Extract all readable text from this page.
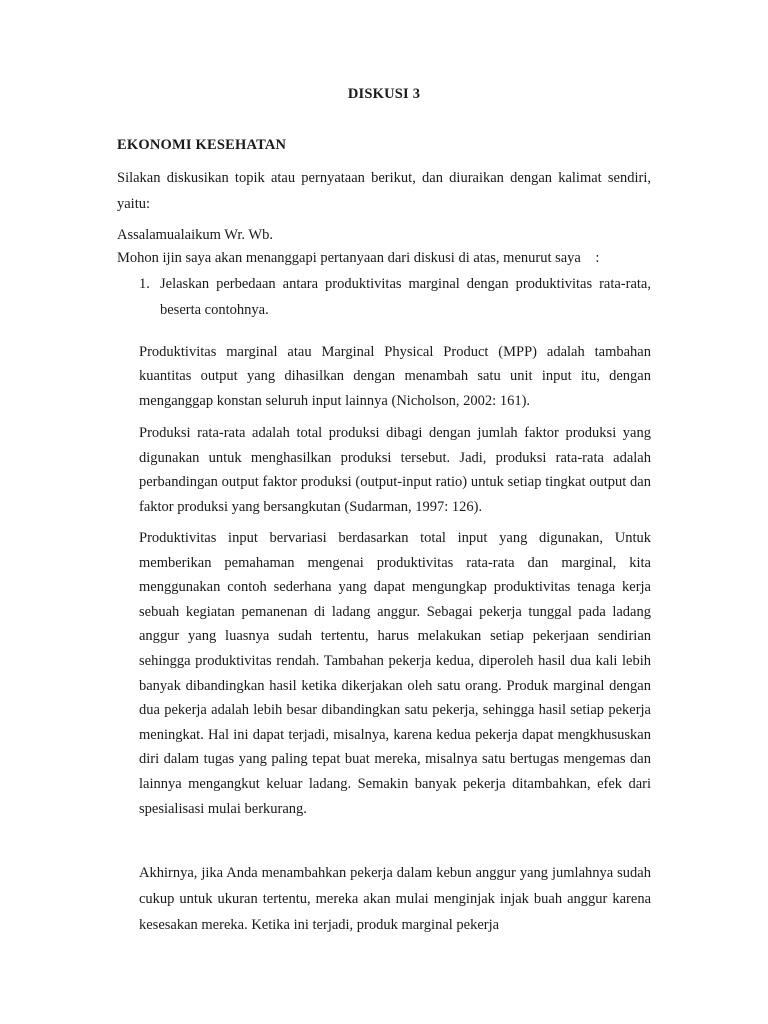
DISKUSI 3
EKONOMI KESEHATAN
Silakan diskusikan topik atau pernyataan berikut, dan diuraikan dengan kalimat sendiri, yaitu:
Assalamualaikum Wr. Wb.
Mohon ijin saya akan menanggapi pertanyaan dari diskusi di atas, menurut saya    :
1. Jelaskan perbedaan antara produktivitas marginal dengan produktivitas rata-rata, beserta contohnya.
Produktivitas marginal atau Marginal Physical Product (MPP) adalah tambahan kuantitas output yang dihasilkan dengan menambah satu unit input itu, dengan menganggap konstan seluruh input lainnya (Nicholson, 2002: 161).
Produksi rata-rata adalah total produksi dibagi dengan jumlah faktor produksi yang digunakan untuk menghasilkan produksi tersebut. Jadi, produksi rata-rata adalah perbandingan output faktor produksi (output-input ratio) untuk setiap tingkat output dan faktor produksi yang bersangkutan (Sudarman, 1997: 126).
Produktivitas input bervariasi berdasarkan total input yang digunakan, Untuk memberikan pemahaman mengenai produktivitas rata-rata dan marginal, kita menggunakan contoh sederhana yang dapat mengungkap produktivitas tenaga kerja sebuah kegiatan pemanenan di ladang anggur. Sebagai pekerja tunggal pada ladang anggur yang luasnya sudah tertentu, harus melakukan setiap pekerjaan sendirian sehingga produktivitas rendah. Tambahan pekerja kedua, diperoleh hasil dua kali lebih banyak dibandingkan hasil ketika dikerjakan oleh satu orang. Produk marginal dengan dua pekerja adalah lebih besar dibandingkan satu pekerja, sehingga hasil setiap pekerja meningkat. Hal ini dapat terjadi, misalnya, karena kedua pekerja dapat mengkhususkan diri dalam tugas yang paling tepat buat mereka, misalnya satu bertugas mengemas dan lainnya mengangkut keluar ladang. Semakin banyak pekerja ditambahkan, efek dari spesialisasi mulai berkurang.
Akhirnya, jika Anda menambahkan pekerja dalam kebun anggur yang jumlahnya sudah cukup untuk ukuran tertentu, mereka akan mulai menginjak injak buah anggur karena kesesakan mereka. Ketika ini terjadi, produk marginal pekerja
